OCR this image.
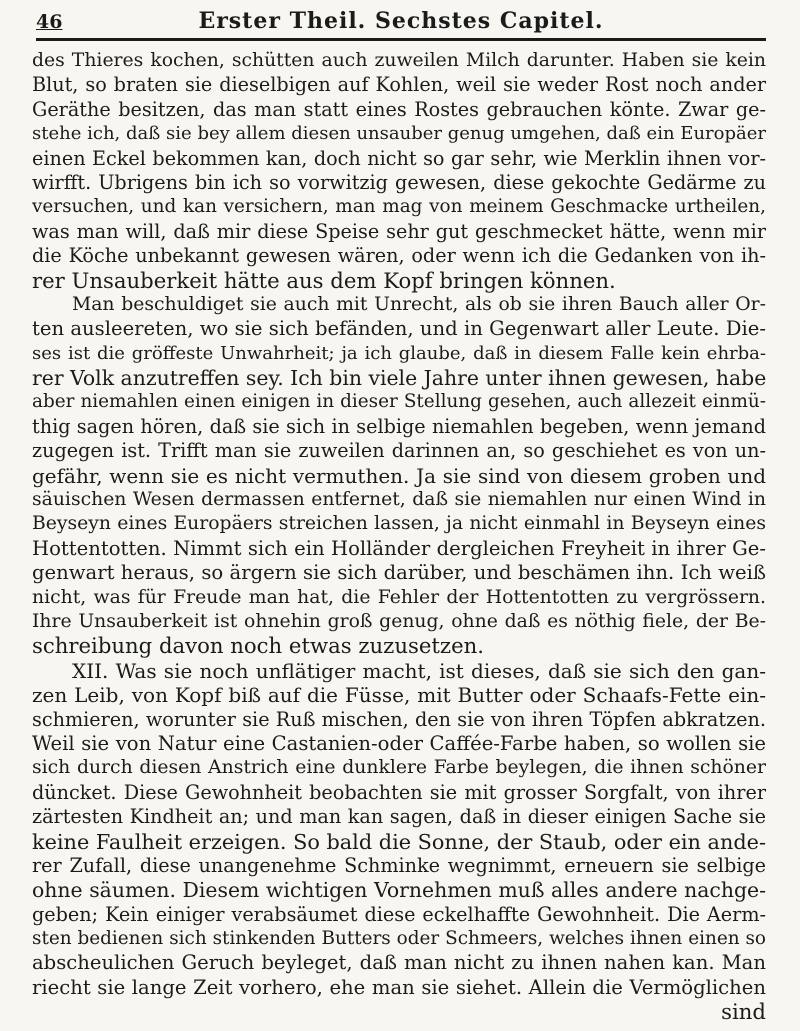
46	Erster Theil. Sechstes Capitel.
des Thieres kochen, schütten auch zuweilen Milch darunter. Haben sie kein
Blut, so braten sie dieselbigen auf Kohlen, weil sie weder Rost noch ander
Geräthe besitzen, das man statt eines Rostes gebrauchen könte. Zwar ge-
stehe ich, daß sie bey allem diesen unsauber genug umgehen, daß ein Europäer
einen Eckel bekommen kan, doch nicht so gar sehr, wie Merklin ihnen vor-
wirfft. Ubrigens bin ich so vorwitzig gewesen, diese gekochte Gedärme zu
versuchen, und kan versichern, man mag von meinem Geschmacke urtheilen,
was man will, daß mir diese Speise sehr gut geschmecket hätte, wenn mir
die Köche unbekannt gewesen wären, oder wenn ich die Gedanken von ih-
rer Unsauberkeit hätte aus dem Kopf bringen können.
Man beschuldiget sie auch mit Unrecht, als ob sie ihren Bauch aller Or-
ten ausleereten, wo sie sich befänden, und in Gegenwart aller Leute. Die-
ses ist die gröffeste Unwahrheit; ja ich glaube, daß in diesem Falle kein ehrba-
rer Volk anzutreffen sey. Ich bin viele Jahre unter ihnen gewesen, habe
aber niemahlen einen einigen in dieser Stellung gesehen, auch allezeit einmü-
thig sagen hören, daß sie sich in selbige niemahlen begeben, wenn jemand
zugegen ist. Trifft man sie zuweilen darinnen an, so geschiehet es von un-
gefähr, wenn sie es nicht vermuthen. Ja sie sind von diesem groben und
säuischen Wesen dermassen entfernet, daß sie niemahlen nur einen Wind in
Beyseyn eines Europäers streichen lassen, ja nicht einmahl in Beyseyn eines
Hottentotten. Nimmt sich ein Holländer dergleichen Freyheit in ihrer Ge-
genwart heraus, so ärgern sie sich darüber, und beschämen ihn. Ich weiß
nicht, was für Freude man hat, die Fehler der Hottentotten zu vergrössern.
Ihre Unsauberkeit ist ohnehin groß genug, ohne daß es nöthig fiele, der Be-
schreibung davon noch etwas zuzusetzen.
XII. Was sie noch unflätiger macht, ist dieses, daß sie sich den gan-
zen Leib, von Kopf biß auf die Füsse, mit Butter oder Schaafs-Fette ein-
schmieren, worunter sie Ruß mischen, den sie von ihren Töpfen abkratzen.
Weil sie von Natur eine Castanien-oder Caffée-Farbe haben, so wollen sie
sich durch diesen Anstrich eine dunklere Farbe beylegen, die ihnen schöner
düncket. Diese Gewohnheit beobachten sie mit grosser Sorgfalt, von ihrer
zärtesten Kindheit an; und man kan sagen, daß in dieser einigen Sache sie
keine Faulheit erzeigen. So bald die Sonne, der Staub, oder ein ande-
rer Zufall, diese unangenehme Schminke wegnimmt, erneuern sie selbige
ohne säumen. Diesem wichtigen Vornehmen muß alles andere nachge-
geben; Kein einiger verabsäumet diese eckelhaffte Gewohnheit. Die Aerm-
sten bedienen sich stinkenden Butters oder Schmeers, welches ihnen einen so
abscheulichen Geruch beyleget, daß man nicht zu ihnen nahen kan. Man
riecht sie lange Zeit vorhero, ehe man sie siehet. Allein die Vermöglichen
sind
